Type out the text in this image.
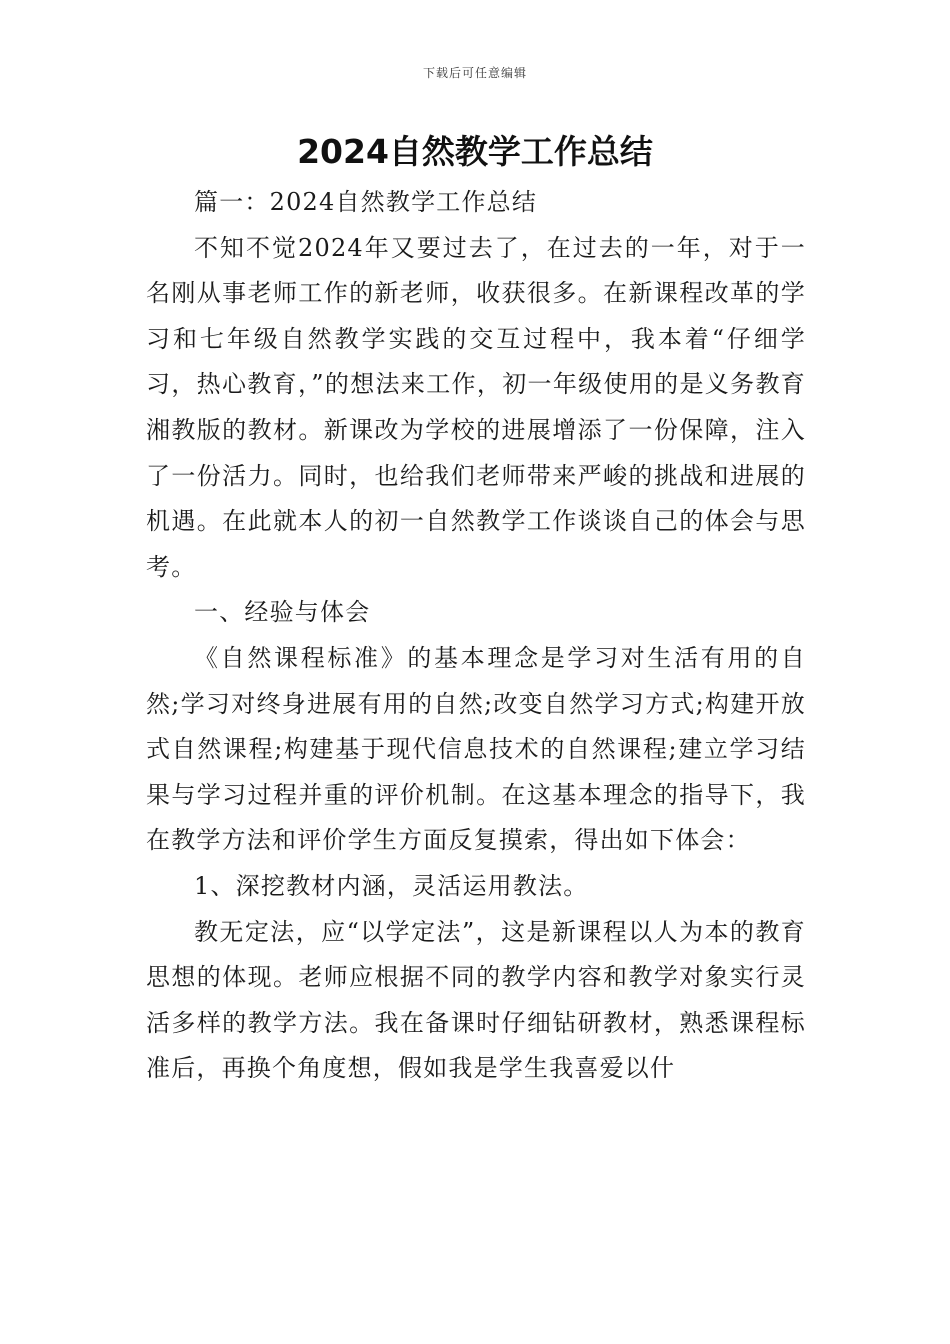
下载后可任意编辑
2024自然教学工作总结

篇一：2024自然教学工作总结

不知不觉2024年又要过去了，在过去的一年，对于一名刚从事老师工作的新老师，收获很多。在新课程改革的学习和七年级自然教学实践的交互过程中，我本着“仔细学习，热心教育，”的想法来工作，初一年级使用的是义务教育湘教版的教材。新课改为学校的进展增添了一份保障，注入了一份活力。同时，也给我们老师带来严峻的挑战和进展的机遇。在此就本人的初一自然教学工作谈谈自己的体会与思考。

一、经验与体会

《自然课程标准》的基本理念是学习对生活有用的自然;学习对终身进展有用的自然;改变自然学习方式;构建开放式自然课程;构建基于现代信息技术的自然课程;建立学习结果与学习过程并重的评价机制。在这基本理念的指导下，我在教学方法和评价学生方面反复摸索，得出如下体会：

1、深挖教材内涵，灵活运用教法。

教无定法，应“以学定法”，这是新课程以人为本的教育思想的体现。老师应根据不同的教学内容和教学对象实行灵活多样的教学方法。我在备课时仔细钻研教材，熟悉课程标准后，再换个角度想，假如我是学生我喜爱以什
